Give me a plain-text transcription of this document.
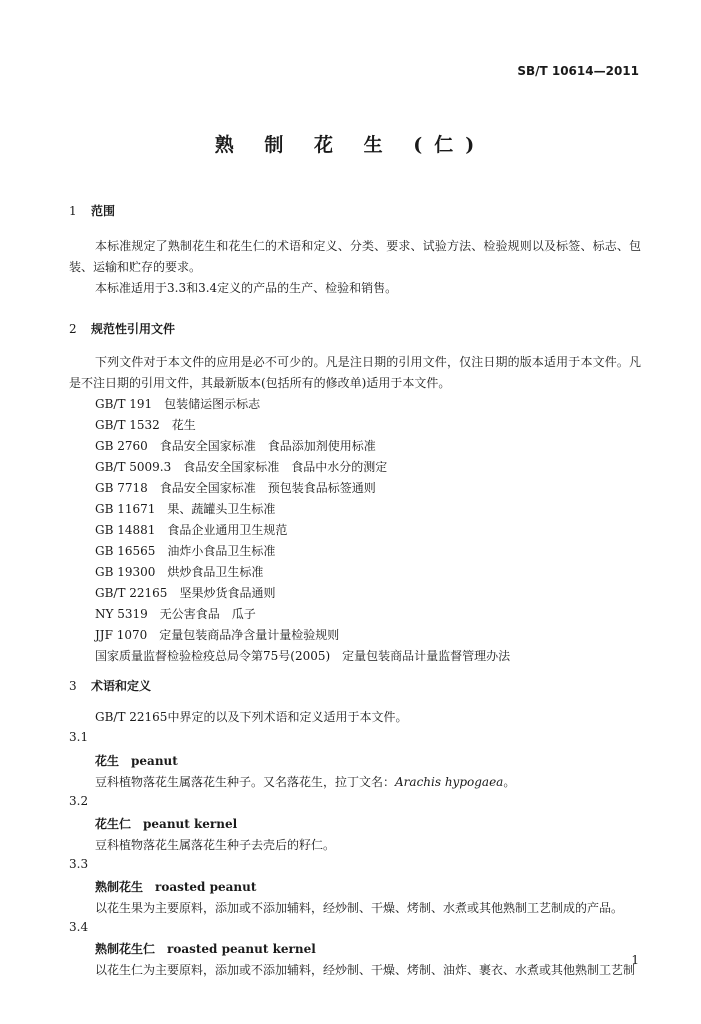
SB/T 10614—2011
熟 制 花 生 (仁)
1 范围
本标准规定了熟制花生和花生仁的术语和定义、分类、要求、试验方法、检验规则以及标签、标志、包装、运输和贮存的要求。
本标准适用于3.3和3.4定义的产品的生产、检验和销售。
2 规范性引用文件
下列文件对于本文件的应用是必不可少的。凡是注日期的引用文件，仅注日期的版本适用于本文件。凡是不注日期的引用文件，其最新版本(包括所有的修改单)适用于本文件。
GB/T 191　包装储运图示标志
GB/T 1532　花生
GB 2760　食品安全国家标准　食品添加剂使用标准
GB/T 5009.3　食品安全国家标准　食品中水分的测定
GB 7718　食品安全国家标准　预包装食品标签通则
GB 11671　果、蔬罐头卫生标准
GB 14881　食品企业通用卫生规范
GB 16565　油炸小食品卫生标准
GB 19300　烘炒食品卫生标准
GB/T 22165　坚果炒货食品通则
NY 5319　无公害食品　瓜子
JJF 1070　定量包装商品净含量计量检验规则
国家质量监督检验检疫总局令第75号(2005)　定量包装商品计量监督管理办法
3 术语和定义
GB/T 22165中界定的以及下列术语和定义适用于本文件。
3.1
花生 peanut
豆科植物落花生属落花生种子。又名落花生，拉丁文名：Arachis hypogaea。
3.2
花生仁 peanut kernel
豆科植物落花生属落花生种子去壳后的籽仁。
3.3
熟制花生 roasted peanut
以花生果为主要原料，添加或不添加辅料，经炒制、干燥、烤制、水煮或其他熟制工艺制成的产品。
3.4
熟制花生仁 roasted peanut kernel
以花生仁为主要原料，添加或不添加辅料，经炒制、干燥、烤制、油炸、裹衣、水煮或其他熟制工艺制
1
